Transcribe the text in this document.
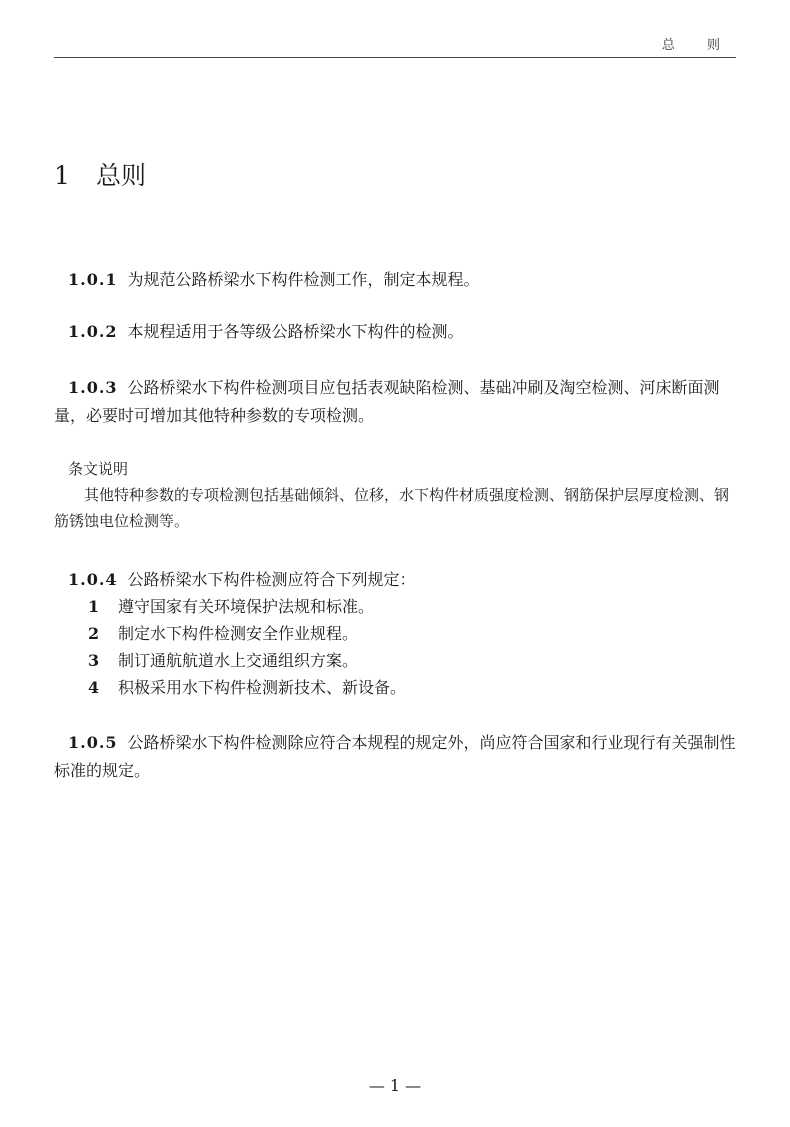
总 则
1 总则
1.0.1 为规范公路桥梁水下构件检测工作，制定本规程。
1.0.2 本规程适用于各等级公路桥梁水下构件的检测。
1.0.3 公路桥梁水下构件检测项目应包括表观缺陷检测、基础冲刷及淘空检测、河床断面测量，必要时可增加其他特种参数的专项检测。
条文说明
其他特种参数的专项检测包括基础倾斜、位移，水下构件材质强度检测、钢筋保护层厚度检测、钢筋锈蚀电位检测等。
1.0.4 公路桥梁水下构件检测应符合下列规定：
1 遵守国家有关环境保护法规和标准。
2 制定水下构件检测安全作业规程。
3 制订通航航道水上交通组织方案。
4 积极采用水下构件检测新技术、新设备。
1.0.5 公路桥梁水下构件检测除应符合本规程的规定外，尚应符合国家和行业现行有关强制性标准的规定。
— 1 —
